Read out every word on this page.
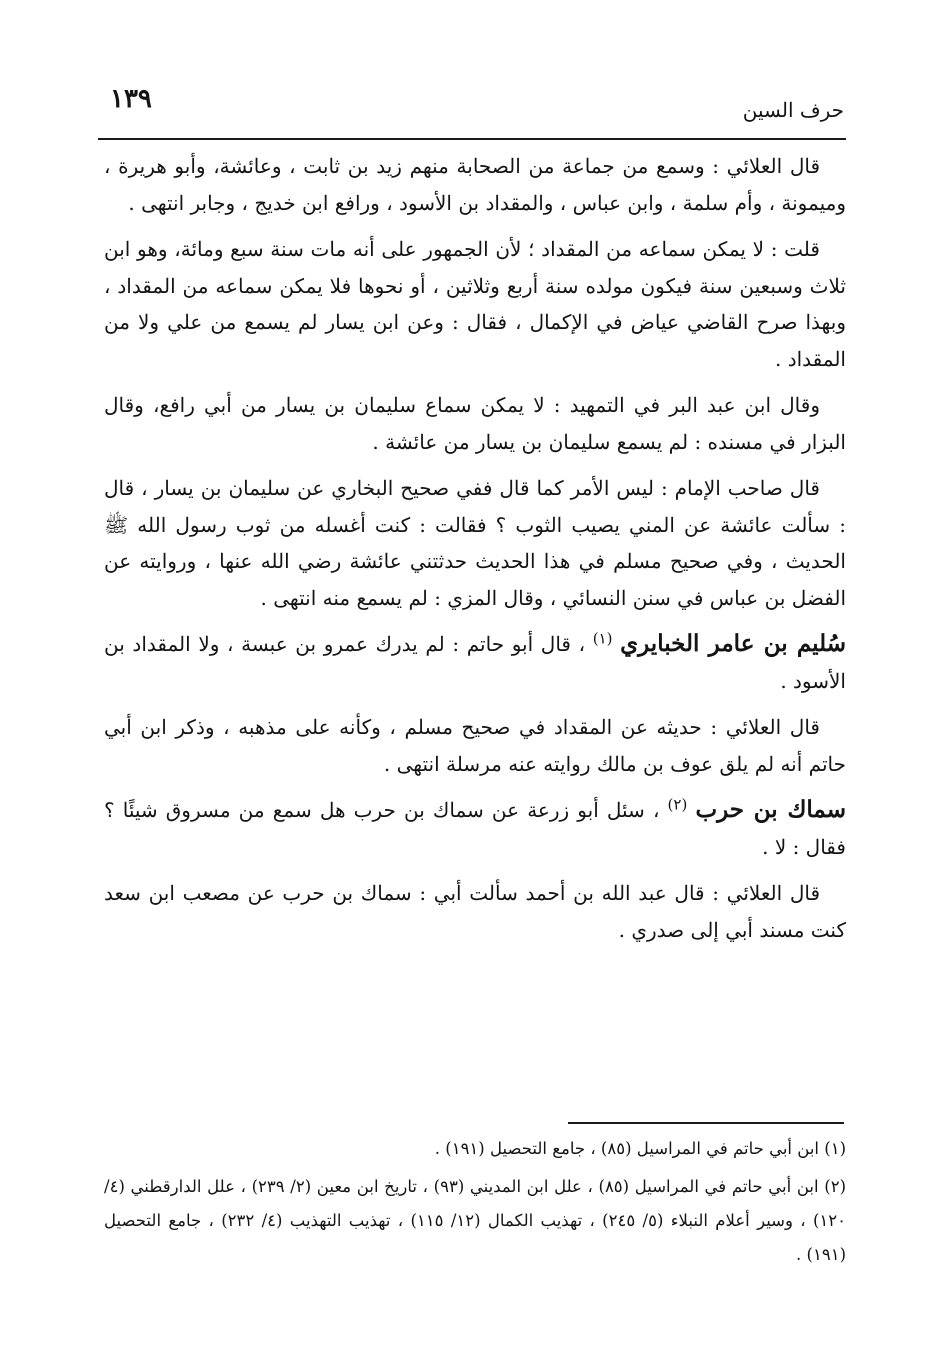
١٣٩	حرف السين

قال العلائي : وسمع من جماعة من الصحابة منهم زيد بن ثابت ، وعائشة، وأبو هريرة ، وميمونة ، وأم سلمة ، وابن عباس ، والمقداد بن الأسود ، ورافع ابن خديج ، وجابر انتهى .

قلت : لا يمكن سماعه من المقداد ؛ لأن الجمهور على أنه مات سنة سبع ومائة، وهو ابن ثلاث وسبعين سنة فيكون مولده سنة أربع وثلاثين ، أو نحوها فلا يمكن سماعه من المقداد ، وبهذا صرح القاضي عياض في الإكمال ، فقال : وعن ابن يسار لم يسمع من علي ولا من المقداد .

وقال ابن عبد البر في التمهيد : لا يمكن سماع سليمان بن يسار من أبي رافع، وقال البزار في مسنده : لم يسمع سليمان بن يسار من عائشة .

قال صاحب الإمام : ليس الأمر كما قال ففي صحيح البخاري عن سليمان بن يسار ، قال : سألت عائشة عن المني يصيب الثوب ؟ فقالت : كنت أغسله من ثوب رسول الله ﷺ الحديث ، وفي صحيح مسلم في هذا الحديث حدثتني عائشة رضي الله عنها ، وروايته عن الفضل بن عباس في سنن النسائي ، وقال المزي : لم يسمع منه انتهى .

سُليم بن عامر الخبايري $^{(١)}$ ، قال أبو حاتم : لم يدرك عمرو بن عبسة ، ولا المقداد بن الأسود .

قال العلائي : حديثه عن المقداد في صحيح مسلم ، وكأنه على مذهبه ، وذكر ابن أبي حاتم أنه لم يلق عوف بن مالك روايته عنه مرسلة انتهى .

سماك بن حرب $^{(٢)}$ ، سئل أبو زرعة عن سماك بن حرب هل سمع من مسروق شيئًا ؟ فقال : لا .

قال العلائي : قال عبد الله بن أحمد سألت أبي : سماك بن حرب عن مصعب ابن سعد كنت مسند أبي إلى صدري .

(١) ابن أبي حاتم في المراسيل (٨٥) ، جامع التحصيل (١٩١) .

(٢) ابن أبي حاتم في المراسيل (٨٥) ، علل ابن المديني (٩٣) ، تاريخ ابن معين (٢/ ٢٣٩) ، علل الدارقطني (٤/ ١٢٠) ، وسير أعلام النبلاء (٥/ ٢٤٥) ، تهذيب الكمال (١٢/ ١١٥) ، تهذيب التهذيب (٤/ ٢٣٢) ، جامع التحصيل (١٩١) .
